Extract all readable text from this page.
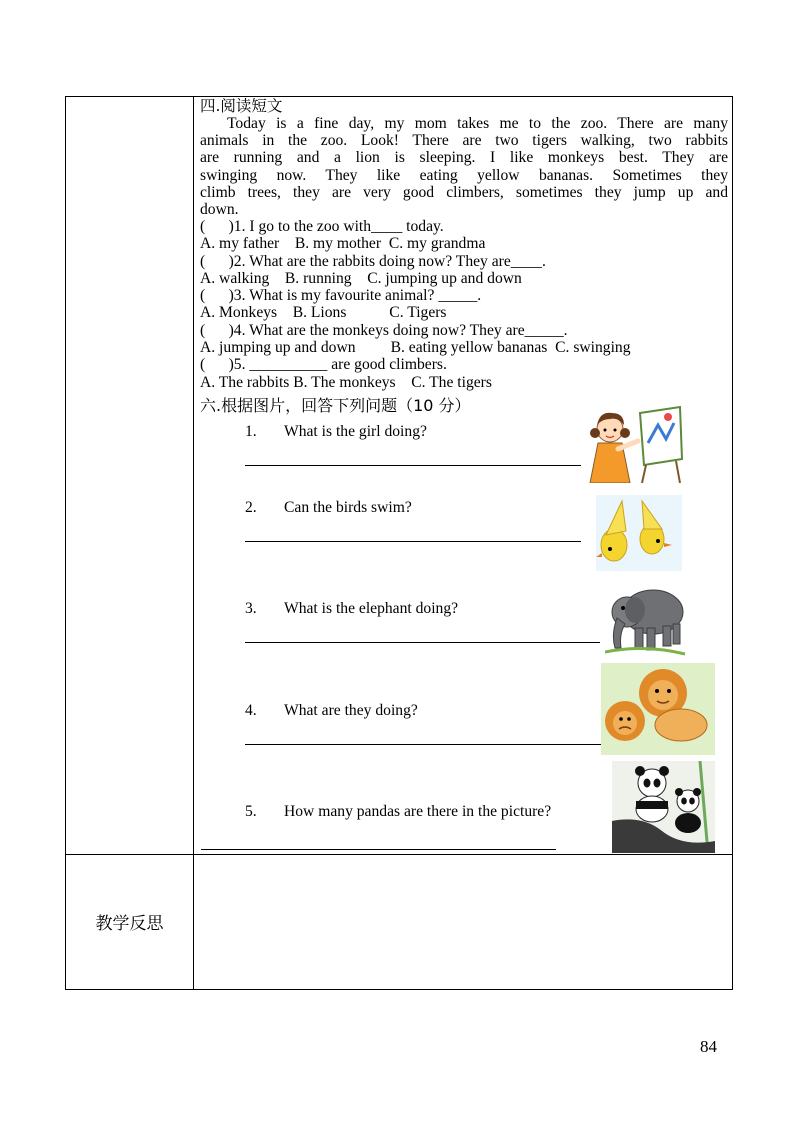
四.阅读短文
Today is a fine day, my mom takes me to the zoo. There are many
animals in the zoo. Look! There are two tigers walking, two rabbits
are running and a lion is sleeping. I like monkeys best. They are
swinging now. They like eating yellow bananas. Sometimes they
climb trees, they are very good climbers, sometimes they jump up and
down.
(      )1. I go to the zoo with____ today.
A. my father    B. my mother  C. my grandma
(      )2. What are the rabbits doing now? They are____.
A. walking    B. running    C. jumping up and down
(      )3. What is my favourite animal? _____.
A. Monkeys    B. Lions           C. Tigers
(      )4. What are the monkeys doing now? They are_____.
A. jumping up and down         B. eating yellow bananas  C. swinging
(      )5. __________ are good climbers.
A. The rabbits B. The monkeys    C. The tigers
六.根据图片，回答下列问题（10 分）
1. What is the girl doing?
2. Can the birds swim?
3. What is the elephant doing?
4. What are they doing?
5. How many pandas are there in the picture?
教学反思
84
